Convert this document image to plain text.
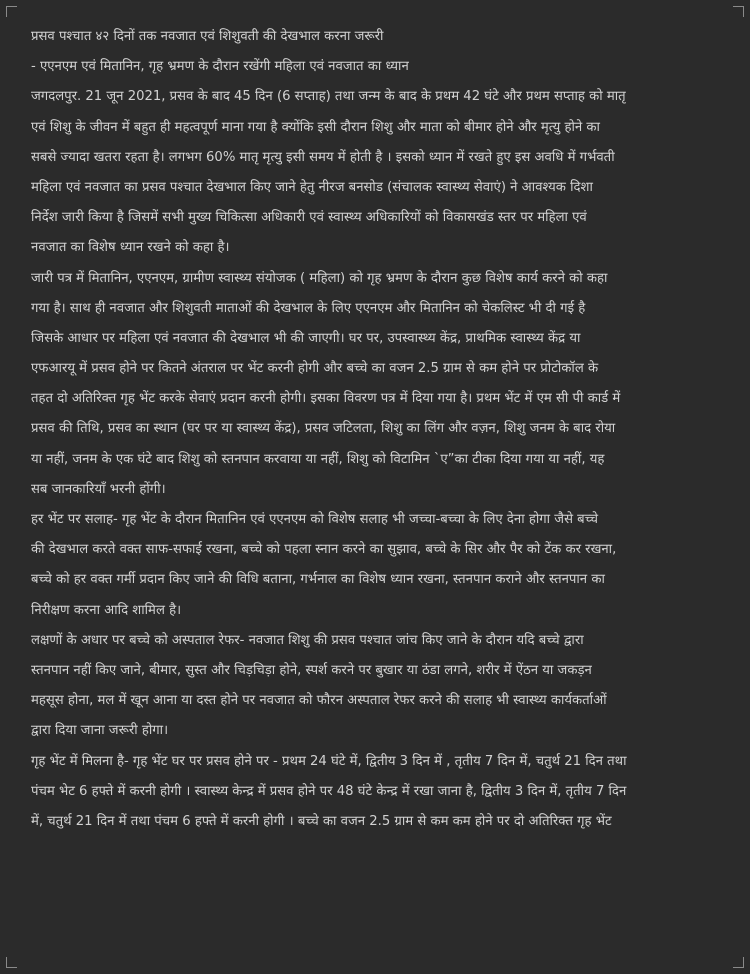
प्रसव पश्चात ४२ दिनों तक नवजात एवं शिशुवती की देखभाल करना जरूरी

- एएनएम एवं मितानिन, गृह भ्रमण के दौरान रखेंगी महिला एवं नवजात का ध्यान

जगदलपुर. 21 जून 2021, प्रसव के बाद 45 दिन (6 सप्ताह) तथा जन्म के बाद के प्रथम 42 घंटे और प्रथम सप्ताह को मातृ

एवं शिशु के जीवन में बहुत ही महत्वपूर्ण माना गया है क्योंकि इसी दौरान शिशु और माता को बीमार होने और मृत्यु होने का

सबसे ज्यादा खतरा रहता है। लगभग 60% मातृ मृत्यु इसी समय में होती है । इसको ध्यान में रखते हुए इस अवधि में गर्भवती

महिला एवं नवजात का प्रसव पश्चात देखभाल किए जाने हेतु नीरज बनसोड (संचालक स्वास्थ्य सेवाएं) ने आवश्यक दिशा

निर्देश जारी किया है जिसमें सभी मुख्य चिकित्सा अधिकारी एवं स्वास्थ्य अधिकारियों को विकासखंड स्तर पर महिला एवं

नवजात का विशेष ध्यान रखने को कहा है।

जारी पत्र में मितानिन, एएनएम, ग्रामीण स्वास्थ्य संयोजक ( महिला) को गृह भ्रमण के दौरान कुछ विशेष कार्य करने को कहा

गया है। साथ ही नवजात और शिशुवती माताओं की देखभाल के लिए एएनएम और मितानिन को चेकलिस्ट भी दी गई है

जिसके आधार पर महिला एवं नवजात की देखभाल भी की जाएगी। घर पर, उपस्वास्थ्य केंद्र, प्राथमिक स्वास्थ्य केंद्र या

एफआरयू में प्रसव होने पर कितने अंतराल पर भेंट करनी होगी और बच्चे का वजन 2.5 ग्राम से कम होने पर प्रोटोकॉल के

तहत दो अतिरिक्त गृह भेंट करके सेवाएं प्रदान करनी होगी। इसका विवरण पत्र में दिया गया है। प्रथम भेंट में एम सी पी कार्ड में

प्रसव की तिथि, प्रसव का स्थान (घर पर या स्वास्थ्य केंद्र), प्रसव जटिलता, शिशु का लिंग और वज़न, शिशु जनम के बाद रोया

या नहीं, जनम के एक घंटे बाद शिशु को स्तनपान करवाया या नहीं, शिशु को विटामिन `ए”का टीका दिया गया या नहीं, यह

सब जानकारियाँ भरनी होंगी।

हर भेंट पर सलाह- गृह भेंट के दौरान मितानिन एवं एएनएम को विशेष सलाह भी जच्चा-बच्चा के लिए देना होगा जैसे बच्चे

की देखभाल करते वक्त साफ-सफाई रखना, बच्चे को पहला स्नान करने का सुझाव, बच्चे के सिर और पैर को टेंक कर रखना,

बच्चे को हर वक्त गर्मी प्रदान किए जाने की विधि बताना, गर्भनाल का विशेष ध्यान रखना, स्तनपान कराने और स्तनपान का

निरीक्षण करना आदि शामिल है।

लक्षणों के अधार पर बच्चे को अस्पताल रेफर- नवजात शिशु की प्रसव पश्चात जांच किए जाने के दौरान यदि बच्चे द्वारा

स्तनपान नहीं किए जाने, बीमार, सुस्त और चिड़चिड़ा होने, स्पर्श करने पर बुखार या ठंडा लगने, शरीर में ऐंठन या जकड़न

महसूस होना, मल में खून आना या दस्त होने पर नवजात को फौरन अस्पताल रेफर करने की सलाह भी स्वास्थ्य कार्यकर्ताओं

द्वारा दिया जाना जरूरी होगा।

गृह भेंट में मिलना है- गृह भेंट घर पर प्रसव होने पर - प्रथम 24 घंटे में, द्वितीय 3 दिन में , तृतीय 7 दिन में, चतुर्थ 21 दिन तथा

पंचम भेट 6 हफ्ते में करनी होगी । स्वास्थ्य केन्द्र में प्रसव होने पर 48 घंटे केन्द्र में रखा जाना है, द्वितीय 3 दिन में, तृतीय 7 दिन

में, चतुर्थ 21 दिन में तथा पंचम 6 हफ्ते में करनी होगी । बच्चे का वजन 2.5 ग्राम से कम कम होने पर दो अतिरिक्त गृह भेंट
